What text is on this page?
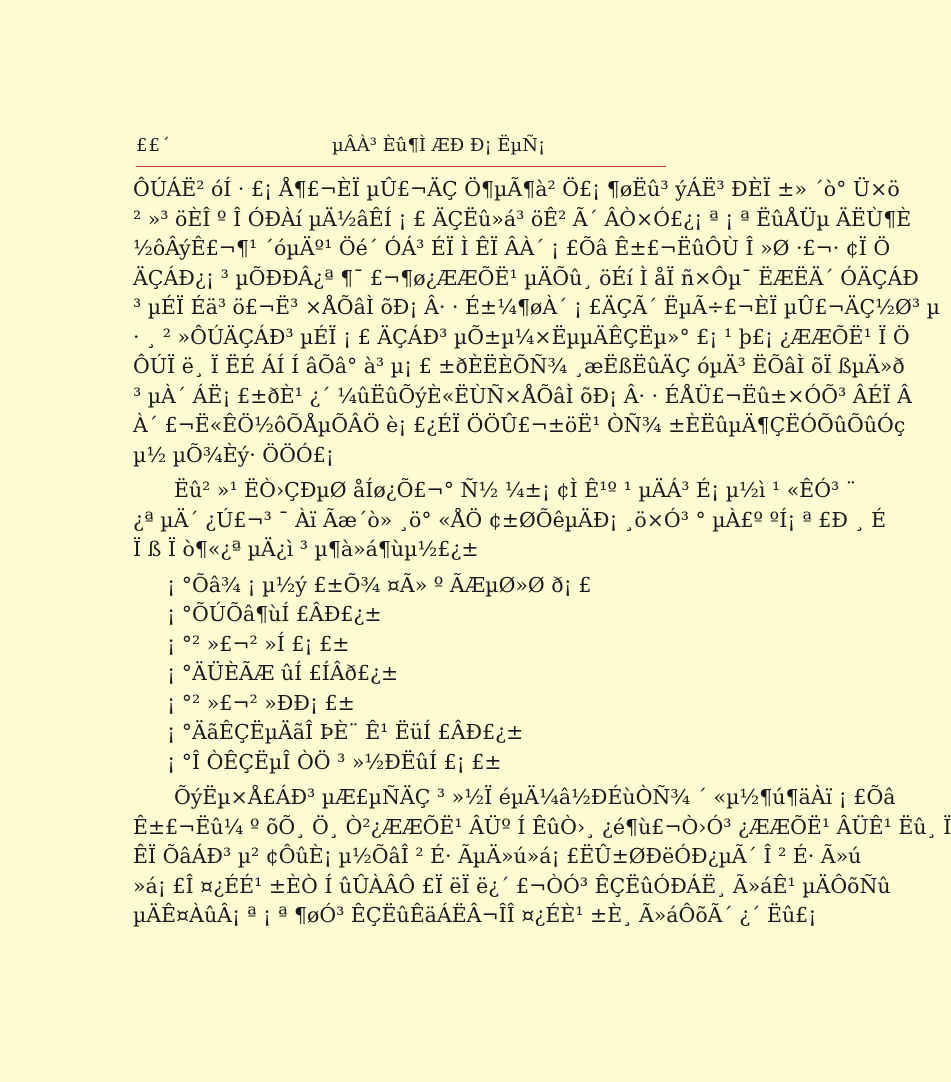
££´	µÂÀ³ Èû¶Ì ÆÐ Ð¡ ËµÑ¡
ÔÚÁË² óÍ · £¡ Å¶£¬ÈÏ µÛ£¬ÄÇ Ö¶µÃ¶à² Ö£¡ ¶øËû³ ýÁË³ ÐÈÏ ±» ´ò° Ü×ö
² »³ öÈÎ º Î ÓÐÀí µÄ½âÊÍ ¡ £ ÄÇËû»á³ öÊ² Ã´ ÂÒ×Ó£¿¡ ª ¡ ª ËûÅÜµ ÄËÙ¶È
½ôÂýÊ£¬¶¹ ´óµÄº¹ Öé´ ÓÁ³ ÉÏ Ì ÊÏ ÂÀ´ ¡ £Õâ Ê±£¬ËûÔÙ Î »Ø ·£¬· ¢Ï Ö
ÄÇÁÐ¿¡ ³ µÕÐÐÂ¿ª ¶¯ £¬¶ø¿ÆÆÕË¹ µÄÕû¸ öÉí Ì åÏ ñ×Ôµ¯ ËÆËÄ´ ÓÄÇÁÐ
³ µÉÏ Éä³ ö£¬Ë³ ×ÅÕâÌ õÐ¡ Â· · É±¼¶øÀ´ ¡ £ÄÇÃ´ ËµÃ÷£¬ÈÏ µÛ£¬ÄÇ½Ø³ µ
· ¸ ² »ÔÚÄÇÁÐ³ µÉÏ ¡ £ ÄÇÁÐ³ µÕ±µ¼×ËµµÄÊÇËµ»° £¡ ¹ þ£¡ ¿ÆÆÕË¹ Ï Ö
ÔÚÏ ë¸ Ï ËÉ ÁÍ Í âÕâ° à³ µ¡ £ ±ðÈËÈÕÑ¾ ¸æËßËûÄÇ óµÄ³ ËÕâÌ õÏ ßµÄ»ð
³ µÀ´ ÁË¡ £±ðÈ¹ ¿´ ¼ûËûÕýÈ«ËÙÑ×ÅÕâÌ õÐ¡ Â· · ÉÅÜ£¬Ëû±×ÓÕ³ ÂÉÏ Â
À´ £¬Ë«ÊÖ½ôÕÅµÕÂÖ è¡ £¿ÉÏ ÖÖÛ£¬±öË¹ ÒÑ¾ ±ÈËûµÄ¶ÇËÓÕûÕûÓç
µ½ µÕ¾Èý· ÖÖÓ£¡
Ëû² »¹ ËÒ›ÇÐµØ åÍø¿Õ£¬° Ñ½ ¼±¡ ¢Ì Ê¹º ¹ µÄÁ³ É¡ µ½ì ¹ «ÊÓ³ ¨
¿ª µÄ´ ¿Ú£¬³ ¯ Àï Ãæ´ò» ¸ö° «ÅÖ ¢±ØÕêµÄÐ¡ ¸ö×Ó³ ° µÀ£º ºÍ¡ ª £Ð ¸ É
Ï ß Ï ò¶«¿ª µÄ¿ì ³ µ¶à»á¶ùµ½£¿±
¡ °Õâ¾ ¡ µ½ý £±Õ¾ ¤Ã» º ÃÆµØ»Ø ð¡ £
¡ °ÕÚÕâ¶ùÍ £ÂÐ£¿±
¡ °² »£¬² »Í £¡ £±
¡ °ÄÜÈÃÆ ûÍ £ÍÂð£¿±
¡ °² »£¬² »ÐÐ¡ £±
¡ °ÄãÊÇËµÄãÎ ÞÈ¨ Ê¹ ËüÍ £ÂÐ£¿±
¡ °Î ÒÊÇËµÎ ÒÖ ³ »½ÐËûÍ £¡ £±
ÕýËµ×Å£ÁÐ³ µÆ£µÑÄÇ ³ »½Ï éµÄ¼â½ÐÉùÒÑ¾ ´ «µ½¶ú¶äÀï ¡ £Õâ
Ê±£¬Ëû¼ º õÕ¸ Ö¸ Ò²¿ÆÆÕË¹ ÂÜº Í ÊûÒ›¸ ¿é¶ù£¬Ò›Ó³ ¿ÆÆÕË¹ ÂÜÊ¹ Ëû¸ Ï
ÊÏ ÕâÁÐ³ µ² ¢ÔûÈ¡ µ½ÕâÎ ² É· ÃµÄ»ú»á¡ £ËÛ±ØÐëÓÐ¿µÃ´ Î ² É· Ã»ú
»á¡ £Î ¤¿ÉÉ¹ ±ÈÒ Í ûÛÀÂÔ £Ï ëÏ ë¿´ £¬ÒÓ³ ÊÇËûÓÐÁË¸ Ã»áÊ¹ µÄÔõÑû
µÄÊ¤ÀûÂ¡ ª ¡ ª ¶øÓ³ ÊÇËûÊäÁËÂ¬ÎÎ ¤¿ÉÈ¹ ±È¸ Ã»áÔõÃ´ ¿´ Ëû£¡
